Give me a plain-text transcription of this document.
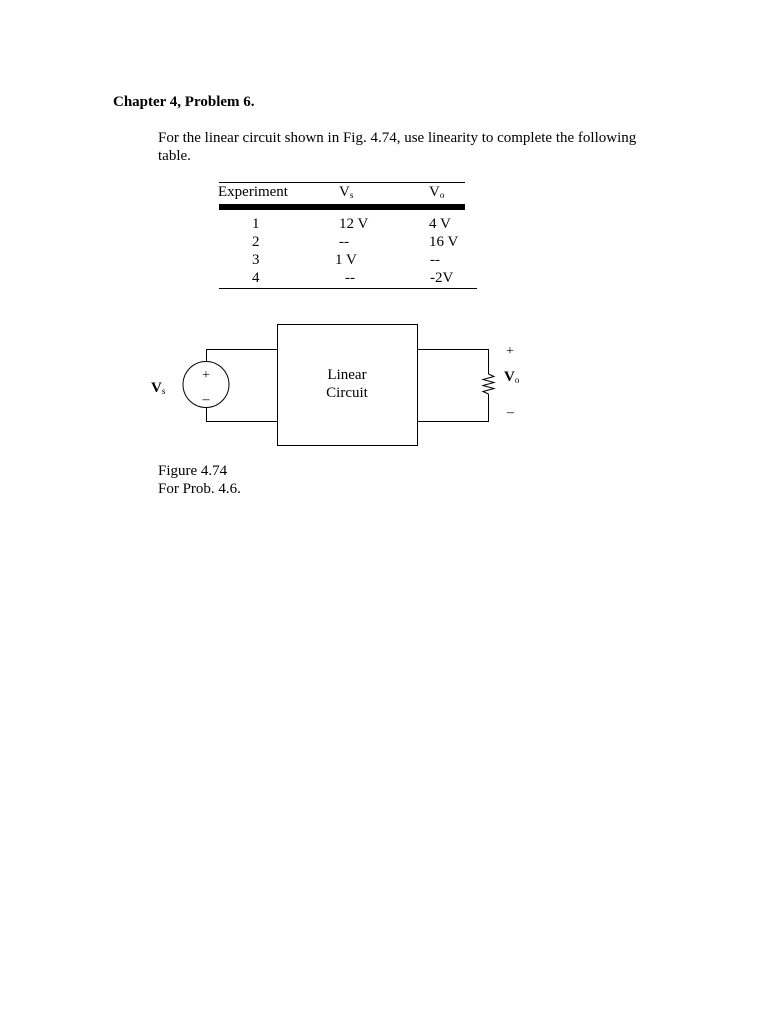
Chapter 4, Problem 6.
For the linear circuit shown in Fig. 4.74, use linearity to complete the following table.
Experiment	$V_s$	$V_o$
1	12 V	4 V
2	--	16 V
3	1 V	--
4	--	-2V
+
–
Vs
+
Vo
–
Linear
Circuit
Figure 4.74
For Prob. 4.6.
